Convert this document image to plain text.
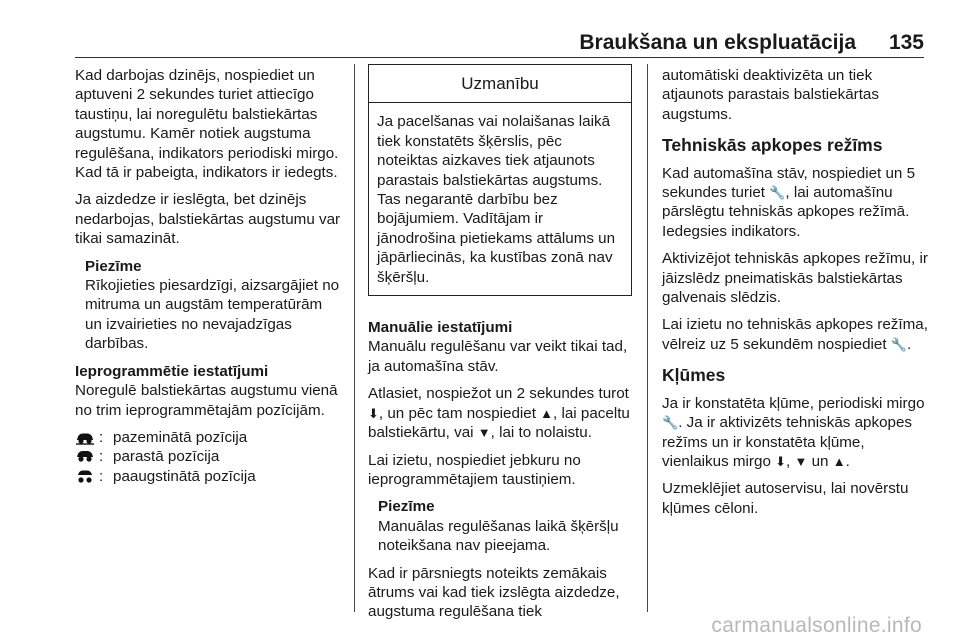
Braukšana un ekspluatācija 135

Kad darbojas dzinējs, nospiediet un aptuveni 2 sekundes turiet attiecīgo taustiņu, lai noregulētu balstiekārtas augstumu. Kamēr notiek augstuma regulēšana, indikators periodiski mirgo. Kad tā ir pabeigta, indikators ir iedegts.

Ja aizdedze ir ieslēgta, bet dzinējs nedarbojas, balstiekārtas augstumu var tikai samazināt.

Piezīme
Rīkojieties piesardzīgi, aizsargājiet no mitruma un augstām temperatūrām un izvairieties no nevajadzīgas darbības.
Ieprogrammētie iestatījumi

Noregulē balstiekārtas augstumu vienā no trim ieprogrammētajām pozīcijām.

: pazeminātā pozīcija
: parastā pozīcija
: paaugstinātā pozīcija
Uzmanību
Ja pacelšanas vai nolaišanas laikā tiek konstatēts šķērslis, pēc noteiktas aizkaves tiek atjaunots parastais balstiekārtas augstums. Tas negarantē darbību bez bojājumiem. Vadītājam ir jānodrošina pietiekams attālums un jāpārliecinās, ka kustības zonā nav šķēršļu.
Manuālie iestatījumi

Manuālu regulēšanu var veikt tikai tad, ja automašīna stāv.

Atlasiet, nospiežot un 2 sekundes turot ⬇, un pēc tam nospiediet ▲, lai paceltu balstiekārtu, vai ▼, lai to nolaistu.

Lai izietu, nospiediet jebkuru no ieprogrammētajiem taustiņiem.

Piezīme
Manuālas regulēšanas laikā šķēršļu noteikšana nav pieejama.

Kad ir pārsniegts noteikts zemākais ātrums vai kad tiek izslēgta aizdedze, augstuma regulēšana tiek

automātiski deaktivizēta un tiek atjaunots parastais balstiekārtas augstums.

Tehniskās apkopes režīms

Kad automašīna stāv, nospiediet un 5 sekundes turiet 🔧, lai automašīnu pārslēgtu tehniskās apkopes režīmā. Iedegsies indikators.

Aktivizējot tehniskās apkopes režīmu, ir jāizslēdz pneimatiskās balstiekārtas galvenais slēdzis.

Lai izietu no tehniskās apkopes režīma, vēlreiz uz 5 sekundēm nospiediet 🔧.

Kļūmes

Ja ir konstatēta kļūme, periodiski mirgo 🔧. Ja ir aktivizēts tehniskās apkopes režīms un ir konstatēta kļūme, vienlaikus mirgo ⬇, ▼ un ▲.

Uzmeklējiet autoservisu, lai novērstu kļūmes cēloni.

carmanualsonline.info
